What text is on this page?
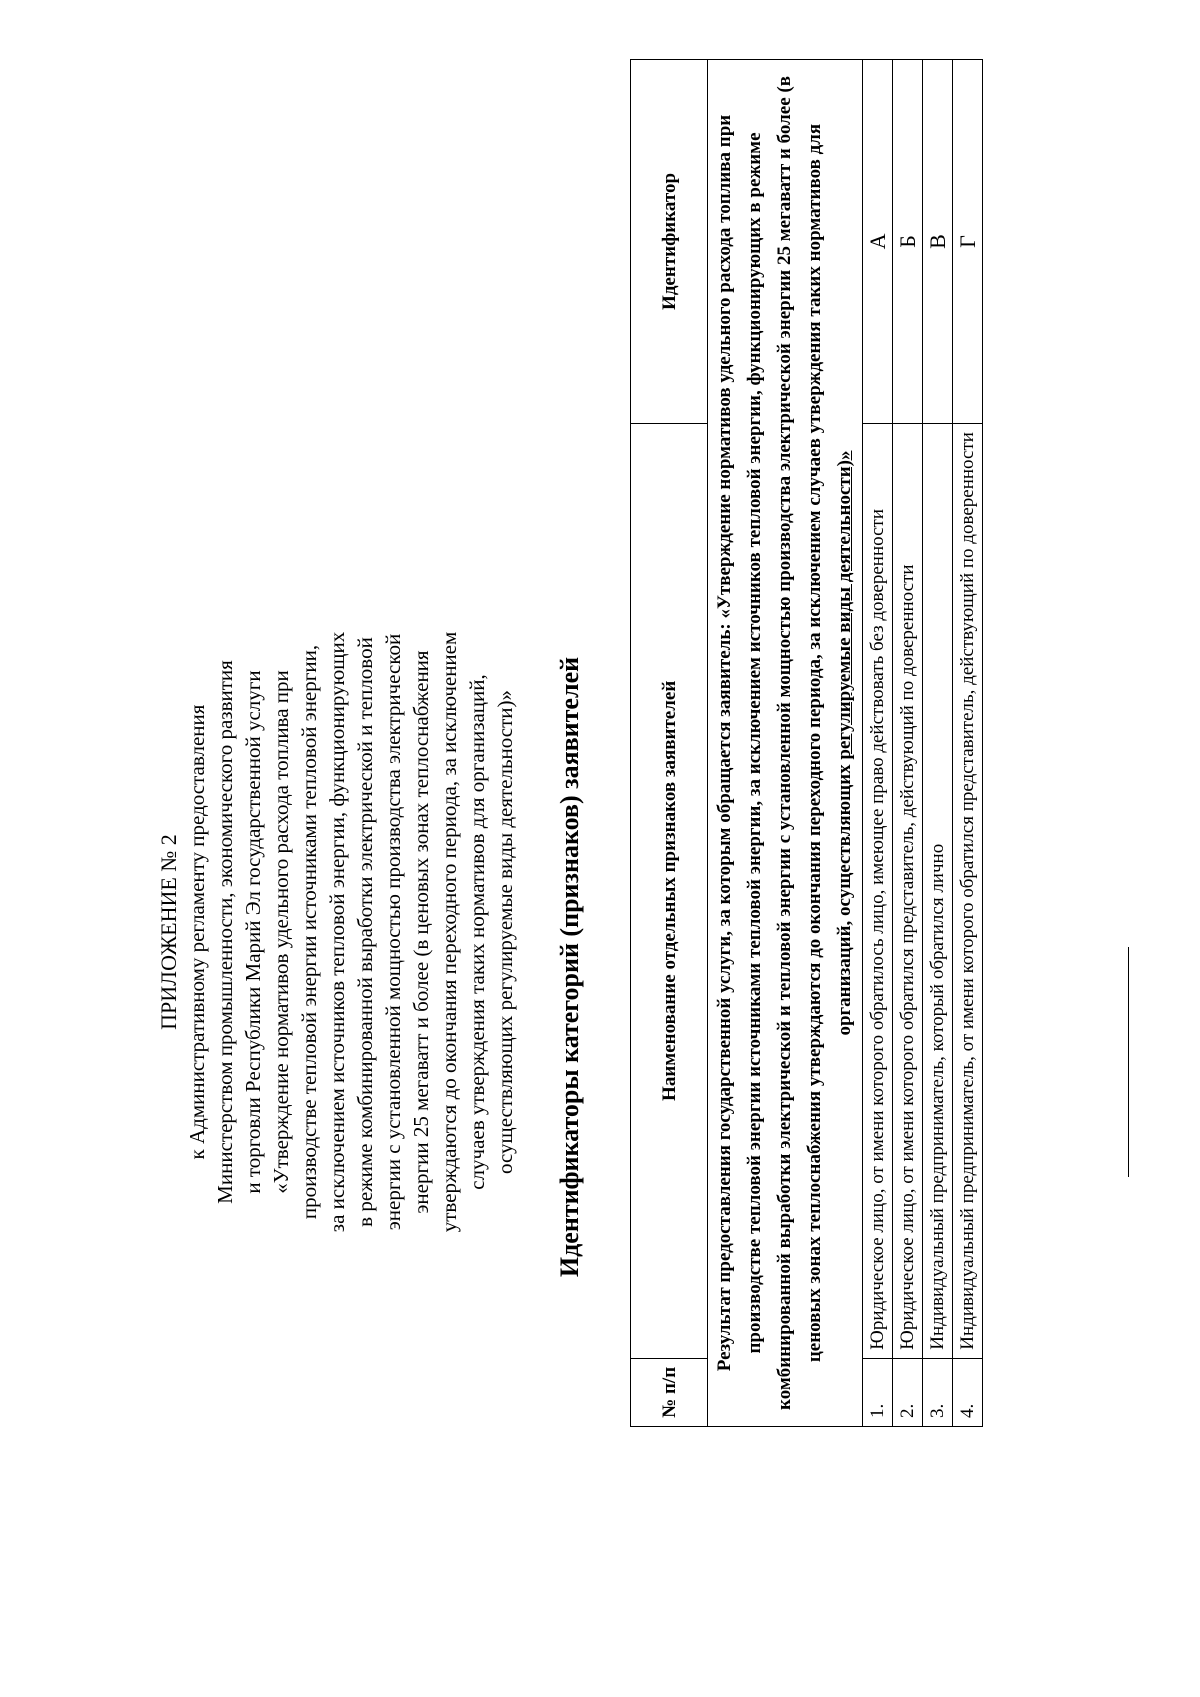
ПРИЛОЖЕНИЕ № 2 к Административному регламенту предоставления Министерством промышленности, экономического развития и торговли Республики Марий Эл государственной услуги «Утверждение нормативов удельного расхода топлива при производстве тепловой энергии источниками тепловой энергии, за исключением источников тепловой энергии, функционирующих в режиме комбинированной выработки электрической и тепловой энергии с установленной мощностью производства электрической энергии 25 мегаватт и более (в ценовых зонах теплоснабжения утверждаются до окончания переходного периода, за исключением случаев утверждения таких нормативов для организаций, осуществляющих регулируемые виды деятельности)» Идентификаторы категорий (признаков) заявителей
№ п/п	Наименование отдельных признаков заявителей	Идентификатор
Результат предоставления государственной услуги, за которым обращается заявитель: «Утверждение нормативов удельного расхода топлива при производстве тепловой энергии источниками тепловой энергии, за исключением источников тепловой энергии, функционирующих в режиме комбинированной выработки электрической и тепловой энергии с установленной мощностью производства электрической энергии 25 мегаватт и более (в ценовых зонах теплоснабжения утверждаются до окончания переходного периода, за исключением случаев утверждения таких нормативов для организаций, осуществляющих регулируемые виды деятельности)»		
1.	Юридическое лицо, от имени которого обратилось лицо, имеющее право действовать без доверенности	А
2.	Юридическое лицо, от имени которого обратился представитель, действующий по доверенности	Б
3.	Индивидуальный предприниматель, который обратился лично	В
4.	Индивидуальный предприниматель, от имени которого обратился представитель, действующий по доверенности	Г
